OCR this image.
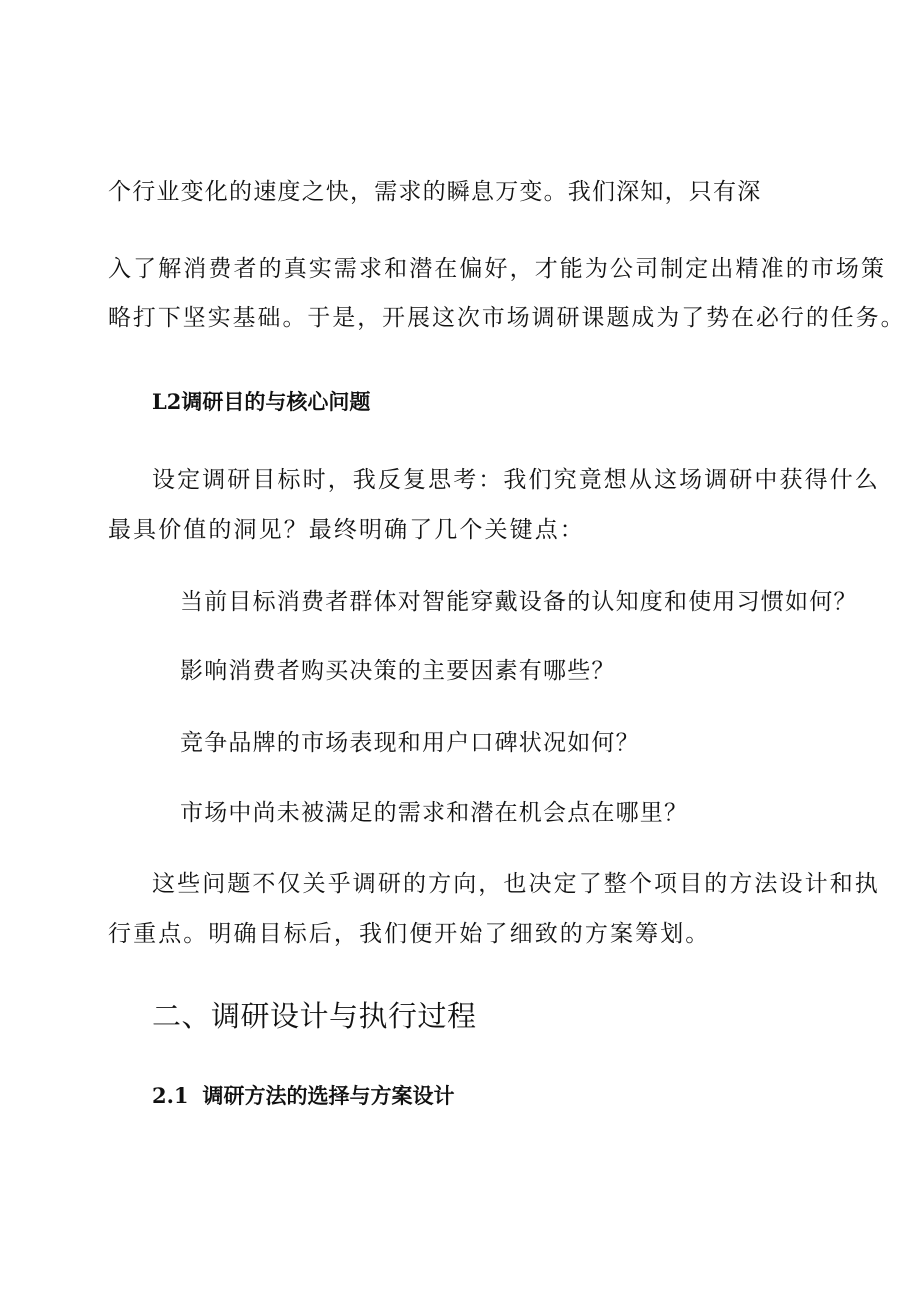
个行业变化的速度之快，需求的瞬息万变。我们深知，只有深
入了解消费者的真实需求和潜在偏好，才能为公司制定出精准的市场策
略打下坚实基础。于是，开展这次市场调研课题成为了势在必行的任务。
L2调研目的与核心问题
设定调研目标时，我反复思考：我们究竟想从这场调研中获得什么
最具价值的洞见？最终明确了几个关键点：
当前目标消费者群体对智能穿戴设备的认知度和使用习惯如何？
影响消费者购买决策的主要因素有哪些？
竞争品牌的市场表现和用户口碑状况如何？
市场中尚未被满足的需求和潜在机会点在哪里？
这些问题不仅关乎调研的方向，也决定了整个项目的方法设计和执
行重点。明确目标后，我们便开始了细致的方案筹划。
二、调研设计与执行过程
2.1 调研方法的选择与方案设计
